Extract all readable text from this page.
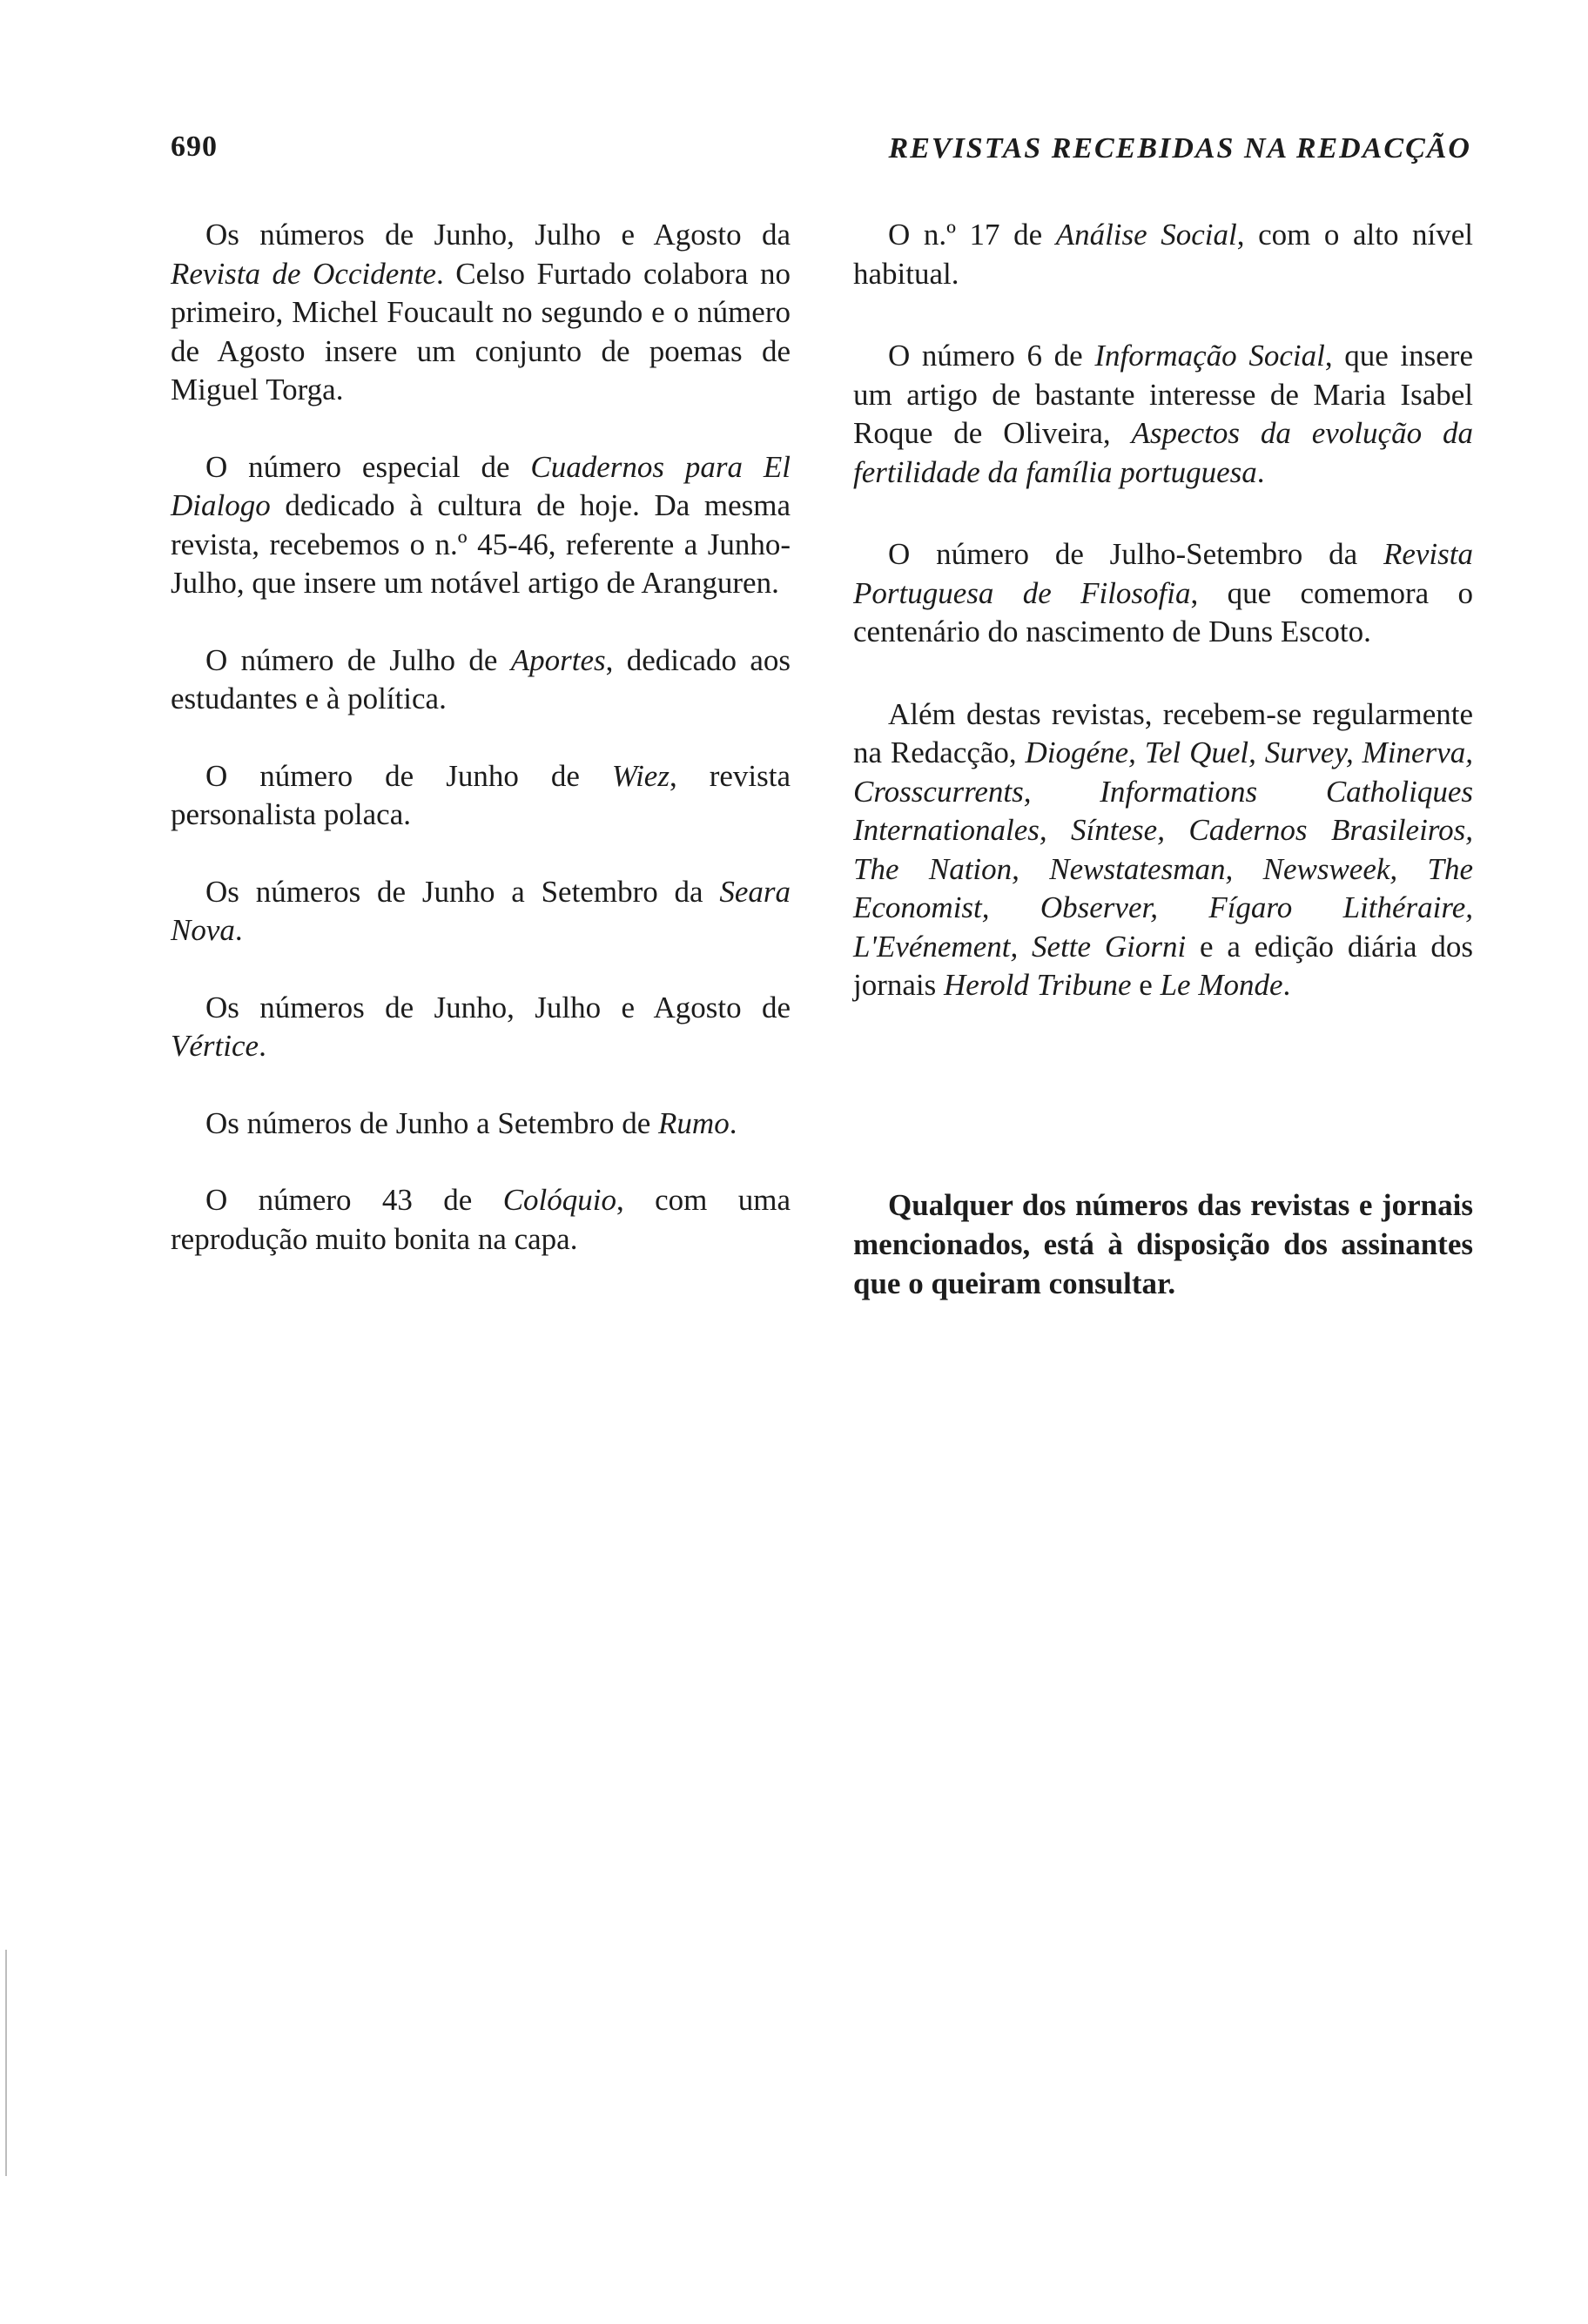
690	REVISTAS RECEBIDAS NA REDACÇÃO

Os números de Junho, Julho e Agosto da Revista de Occidente. Celso Furtado colabora no primeiro, Michel Foucault no segundo e o número de Agosto insere um conjunto de poemas de Miguel Torga.

O número especial de Cuadernos para El Dialogo dedicado à cultura de hoje. Da mesma revista, recebemos o n.º 45-46, referente a Junho-Julho, que insere um notável artigo de Aranguren.

O número de Julho de Aportes, dedicado aos estudantes e à política.

O número de Junho de Wiez, revista personalista polaca.

Os números de Junho a Setembro da Seara Nova.

Os números de Junho, Julho e Agosto de Vértice.

Os números de Junho a Setembro de Rumo.

O número 43 de Colóquio, com uma reprodução muito bonita na capa.

O n.º 17 de Análise Social, com o alto nível habitual.

O número 6 de Informação Social, que insere um artigo de bastante interesse de Maria Isabel Roque de Oliveira, Aspectos da evolução da fertilidade da família portuguesa.

O número de Julho-Setembro da Revista Portuguesa de Filosofia, que comemora o centenário do nascimento de Duns Escoto.

Além destas revistas, recebem-se regularmente na Redacção, Diogéne, Tel Quel, Survey, Minerva, Crosscurrents, Informations Catholiques Internationales, Síntese, Cadernos Brasileiros, The Nation, Newstatesman, Newsweek, The Economist, Observer, Fígaro Lithéraire, L'Evénement, Sette Giorni e a edição diária dos jornais Herold Tribune e Le Monde.

Qualquer dos números das revistas e jornais mencionados, está à disposição dos assinantes que o queiram consultar.
